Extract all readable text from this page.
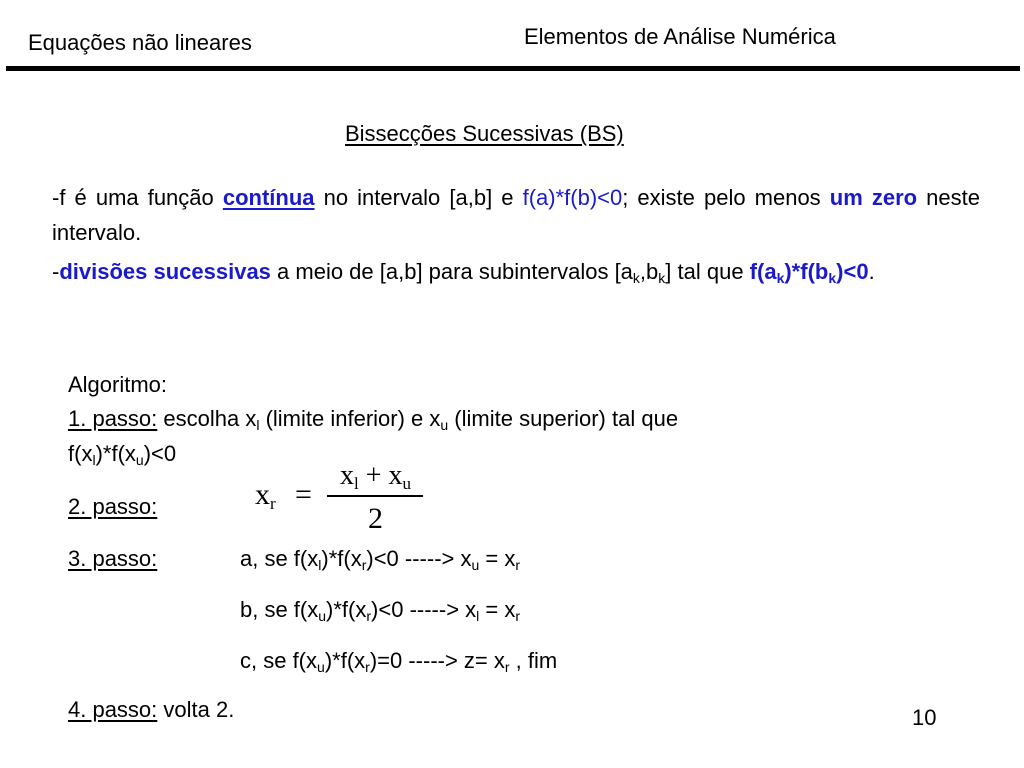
Equações não lineares	Elementos de Análise Numérica
Bissecções Sucessivas (BS)
-f é uma função contínua no intervalo [a,b] e f(a)*f(b)<0; existe pelo menos um zero neste intervalo.
-divisões sucessivas a meio de [a,b] para subintervalos $[a_k,b_k]$ tal que $f(a_k)*f(b_k)<0$.
Algoritmo:
1. passo: escolha $x_l$ (limite inferior) e $x_u$ (limite superior) tal que
$f(x_l)*f(x_u)<0$
2. passo:	$x_r$ =
$x_l + x_u$
2
3. passo:	a, se $f(x_l)*f(x_r)<0$ -----> $x_u = x_r$
b, se $f(x_u)*f(x_r)<0$ -----> $x_l = x_r$
c, se $f(x_u)*f(x_r)=0$ -----> $z= x_r$ , fim
4. passo: volta 2.	10
